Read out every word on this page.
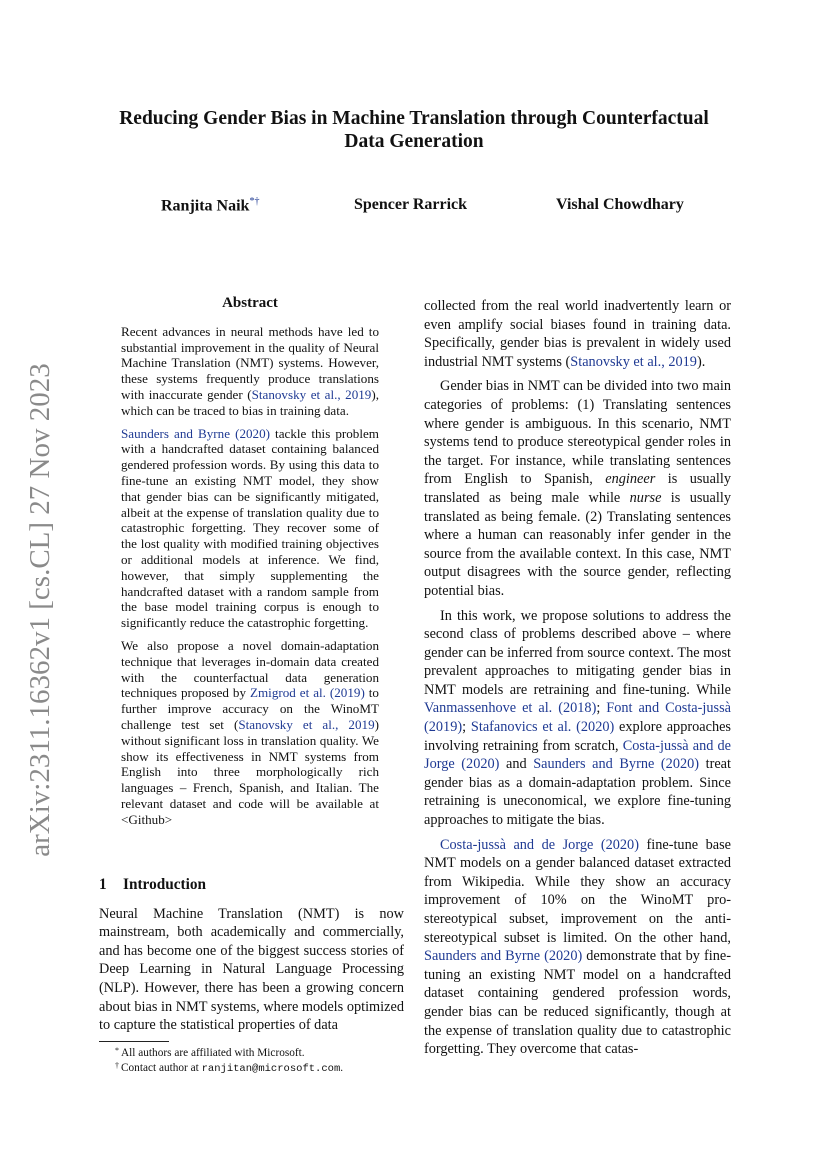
arXiv:2311.16362v1 [cs.CL] 27 Nov 2023
Reducing Gender Bias in Machine Translation through Counterfactual Data Generation
Ranjita Naik*†	Spencer Rarrick	Vishal Chowdhary
Abstract

Recent advances in neural methods have led to substantial improvement in the quality of Neural Machine Translation (NMT) systems. However, these systems frequently produce translations with inaccurate gender (Stanovsky et al., 2019), which can be traced to bias in training data.

Saunders and Byrne (2020) tackle this problem with a handcrafted dataset containing balanced gendered profession words. By using this data to fine-tune an existing NMT model, they show that gender bias can be significantly mitigated, albeit at the expense of translation quality due to catastrophic forgetting. They recover some of the lost quality with modified training objectives or additional models at inference. We find, however, that simply supplementing the handcrafted dataset with a random sample from the base model training corpus is enough to significantly reduce the catastrophic forgetting.

We also propose a novel domain-adaptation technique that leverages in-domain data created with the counterfactual data generation techniques proposed by Zmigrod et al. (2019) to further improve accuracy on the WinoMT challenge test set (Stanovsky et al., 2019) without significant loss in translation quality. We show its effectiveness in NMT systems from English into three morphologically rich languages – French, Spanish, and Italian. The relevant dataset and code will be available at <Github>

1 Introduction

Neural Machine Translation (NMT) is now mainstream, both academically and commercially, and has become one of the biggest success stories of Deep Learning in Natural Language Processing (NLP). However, there has been a growing concern about bias in NMT systems, where models optimized to capture the statistical properties of data

collected from the real world inadvertently learn or even amplify social biases found in training data. Specifically, gender bias is prevalent in widely used industrial NMT systems (Stanovsky et al., 2019).

Gender bias in NMT can be divided into two main categories of problems: (1) Translating sentences where gender is ambiguous. In this scenario, NMT systems tend to produce stereotypical gender roles in the target. For instance, while translating sentences from English to Spanish, engineer is usually translated as being male while nurse is usually translated as being female. (2) Translating sentences where a human can reasonably infer gender in the source from the available context. In this case, NMT output disagrees with the source gender, reflecting potential bias.

In this work, we propose solutions to address the second class of problems described above – where gender can be inferred from source context. The most prevalent approaches to mitigating gender bias in NMT models are retraining and fine-tuning. While Vanmassenhove et al. (2018); Font and Costa-jussà (2019); Stafanovics et al. (2020) explore approaches involving retraining from scratch, Costa-jussà and de Jorge (2020) and Saunders and Byrne (2020) treat gender bias as a domain-adaptation problem. Since retraining is uneconomical, we explore fine-tuning approaches to mitigate the bias.

Costa-jussà and de Jorge (2020) fine-tune base NMT models on a gender balanced dataset extracted from Wikipedia. While they show an accuracy improvement of 10% on the WinoMT pro-stereotypical subset, improvement on the anti-stereotypical subset is limited. On the other hand, Saunders and Byrne (2020) demonstrate that by fine-tuning an existing NMT model on a handcrafted dataset containing gendered profession words, gender bias can be reduced significantly, though at the expense of translation quality due to catastrophic forgetting. They overcome that catas-

* All authors are affiliated with Microsoft.
† Contact author at ranjitan@microsoft.com.
